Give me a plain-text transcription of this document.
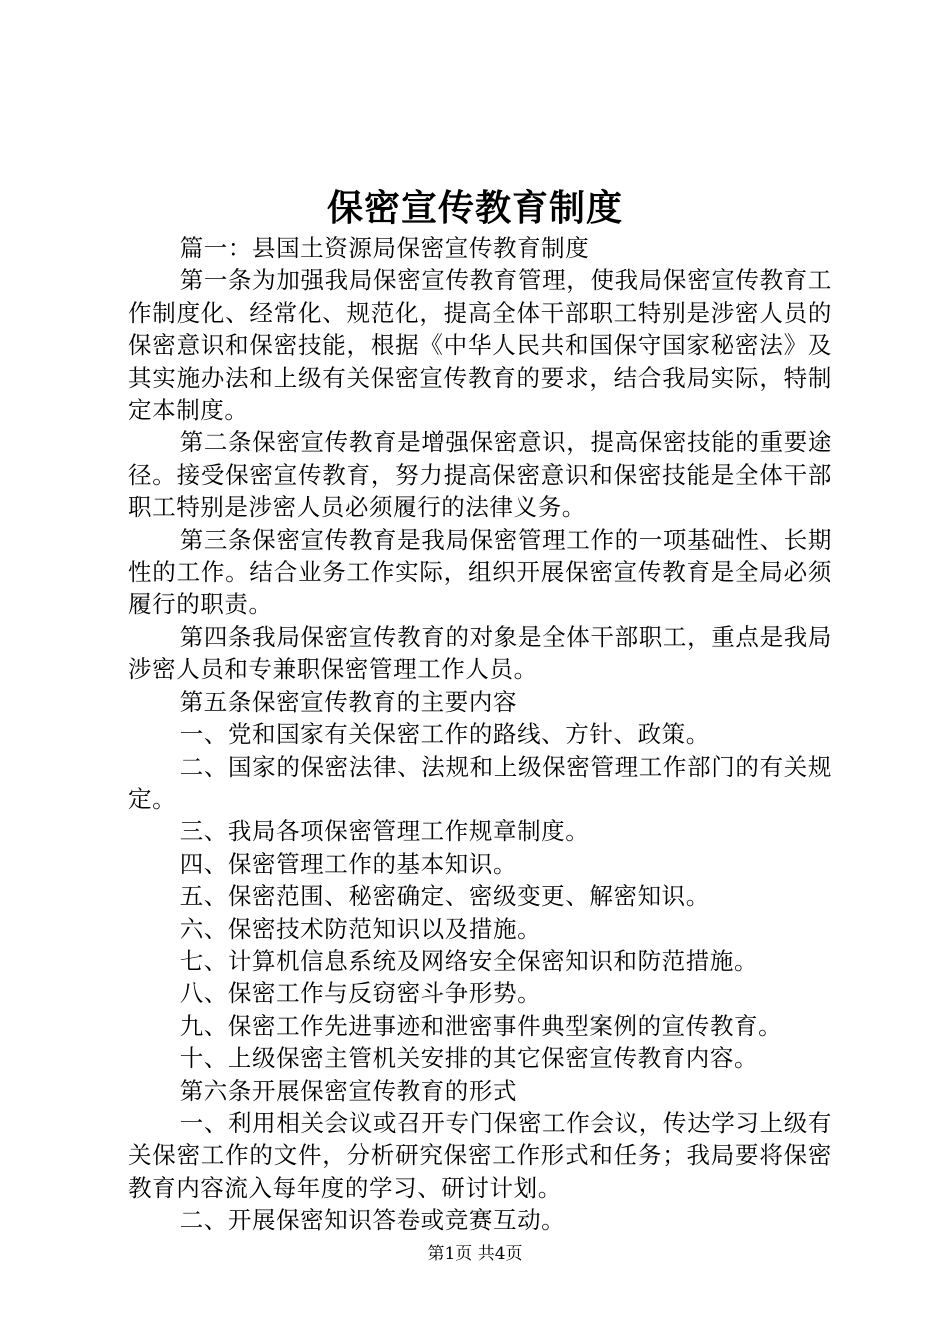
保密宣传教育制度

篇一：县国土资源局保密宣传教育制度

第一条为加强我局保密宣传教育管理，使我局保密宣传教育工作制度化、经常化、规范化，提高全体干部职工特别是涉密人员的保密意识和保密技能，根据《中华人民共和国保守国家秘密法》及其实施办法和上级有关保密宣传教育的要求，结合我局实际，特制定本制度。

第二条保密宣传教育是增强保密意识，提高保密技能的重要途径。接受保密宣传教育，努力提高保密意识和保密技能是全体干部职工特别是涉密人员必须履行的法律义务。

第三条保密宣传教育是我局保密管理工作的一项基础性、长期性的工作。结合业务工作实际，组织开展保密宣传教育是全局必须履行的职责。

第四条我局保密宣传教育的对象是全体干部职工，重点是我局涉密人员和专兼职保密管理工作人员。

第五条保密宣传教育的主要内容

一、党和国家有关保密工作的路线、方针、政策。

二、国家的保密法律、法规和上级保密管理工作部门的有关规定。

三、我局各项保密管理工作规章制度。

四、保密管理工作的基本知识。

五、保密范围、秘密确定、密级变更、解密知识。

六、保密技术防范知识以及措施。

七、计算机信息系统及网络安全保密知识和防范措施。

八、保密工作与反窃密斗争形势。

九、保密工作先进事迹和泄密事件典型案例的宣传教育。

十、上级保密主管机关安排的其它保密宣传教育内容。

第六条开展保密宣传教育的形式

一、利用相关会议或召开专门保密工作会议，传达学习上级有关保密工作的文件，分析研究保密工作形式和任务；我局要将保密教育内容流入每年度的学习、研讨计划。

二、开展保密知识答卷或竞赛互动。

第1页 共4页
